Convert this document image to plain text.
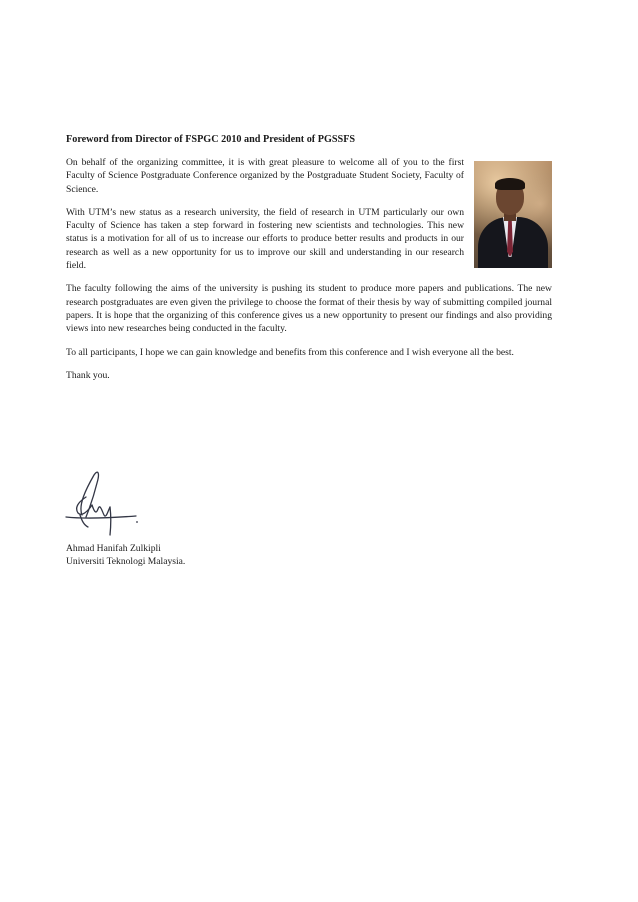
Foreword from Director of FSPGC 2010 and President of PGSSFS

On behalf of the organizing committee, it is with great pleasure to welcome all of you to the first Faculty of Science Postgraduate Conference organized by the Postgraduate Student Society, Faculty of Science.

With UTM’s new status as a research university, the field of research in UTM particularly our own Faculty of Science has taken a step forward in fostering new scientists and technologies. This new status is a motivation for all of us to increase our efforts to produce better results and products in our research as well as a new opportunity for us to improve our skill and understanding in our research field.

The faculty following the aims of the university is pushing its student to produce more papers and publications. The new research postgraduates are even given the privilege to choose the format of their thesis by way of submitting compiled journal papers. It is hope that the organizing of this conference gives us a new opportunity to present our findings and also providing views into new researches being conducted in the faculty.

To all participants, I hope we can gain knowledge and benefits from this conference and I wish everyone all the best.

Thank you.

Ahmad Hanifah Zulkipli
Universiti Teknologi Malaysia.
